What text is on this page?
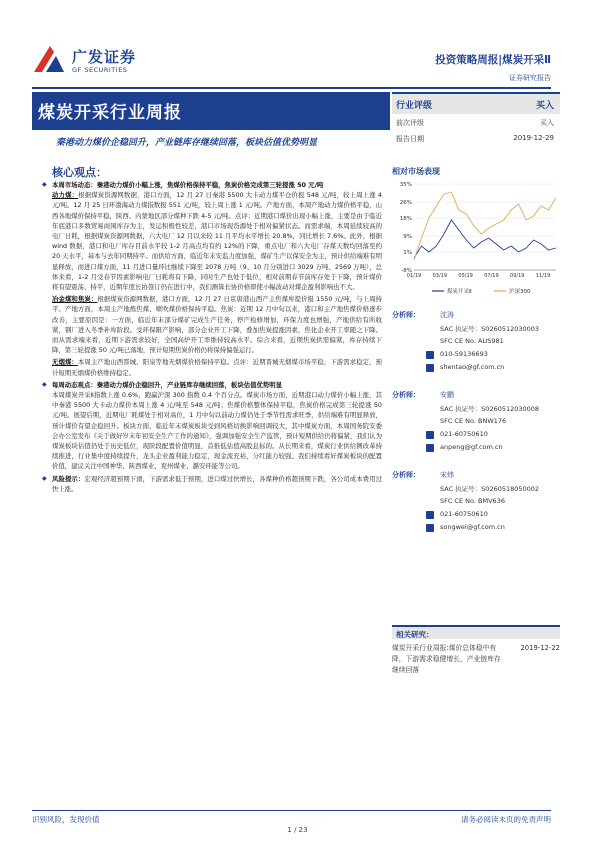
广发证券
GF SECURITIES
投资策略周报|煤炭开采Ⅱ
证券研究报告
煤炭开采行业周报
秦港动力煤价企稳回升，产业链库存继续回落，板块估值优势明显
行业评级	买入
前次评级	买入
报告日期	2019-12-29
核心观点：
◆ 本周市场动态：秦港动力煤价小幅上涨，焦煤价格保持平稳，焦炭价格完成第三轮提涨 50 元/吨
动力煤：根据煤炭资源网数据，港口方面，12 月 27 日秦港 5500 大卡动力煤平仓价报 548 元/吨，较上周上涨 4 元/吨。12 月 25 日环渤海动力煤指数报 551 元/吨，较上周上涨 1 元/吨。产地方面，本周产地动力煤价格平稳，山西各地煤价保持平稳，陕西、内蒙地区部分煤种下跌 4-5 元/吨。点评：近期港口煤价出现小幅上涨，主要是由于临近年底港口多数贸易商囤库存为主，发运积极性较差，港口市场现货源处于相对偏紧状态。而需求端，本周延续较高的电厂日耗，根据煤炭资源网数据，六大电厂 12 月以来较 11 月平均水平增长 20.8%，同比增长 7.6%。此外，根据 wind 数据，港口和电厂库存目前水平较 1-2 月高点均有约 12%的下降，重点电厂和六大电厂存煤天数均回落至约 20 天水平，基本与去年同期持平。而供给方面，临近年末安监力度加强，煤矿生产以保安全为主，预计供给端难有明显释放，而进口煤方面，11 月进口量环比继续下降至 2078 万吨（9、10 月分别进口 3029 万吨、2569 万吨），总体来看，1-2 月受春节因素影响电厂日耗将有下降，同时生产也处于低位，相对前期春节前库存处于下降，预计煤价将有望震荡、持平，近期年度长协签订仍在进行中，我们测算长协价格即使小幅波动对煤企盈利影响也不大。
冶金煤和焦炭：根据煤炭资源网数据，港口方面，12 月 27 日京唐港山西产主焦煤库提价报 1550 元/吨，与上周持平。产地方面，本周主产地炼焦煤、喷吹煤价格保持平稳。焦炭：近期 12 月中旬以来，港口和主产地焦煤价格逐步改善，主要原因是：一方面，临近年末部分煤矿完成生产任务，停产检修增加，环保力度也增强，产地供给有所收紧，钢厂进入冬季补库阶段。受环保限产影响，部分企业开工下降，叠加焦炭提涨因素，焦化企业开工率随之下降。而从需求端来看，近期下游需求较好，全国高炉开工率维持较高水平。综合来看，近期焦炭供需偏紧，库存持续下降，第三轮提涨 50 元/吨已落地，预计短期焦炭价格仍将保持偏强运行。
无烟煤：本周主产地山西晋城、阳泉等地无烟煤价格保持平稳。点评：近期晋城无烟煤市场平稳，下游需求稳定，预计短期无烟煤价格维持稳定。
◆ 每周动态观点：秦港动力煤价企稳回升，产业链库存继续回落，板块估值优势明显
本周煤炭开采Ⅱ指数上涨 0.6%，跑赢沪深 300 指数 0.4 个百分点。煤炭市场方面，近期港口动力煤价小幅上涨，其中秦港 5500 大卡动力煤价本周上涨 4 元/吨至 548 元/吨；焦煤价格整体保持平稳，焦炭价格完成第三轮提涨 50 元/吨。展望后期，近期电厂耗煤处于相对高位，1 月中旬以前动力煤仍处于季节性需求旺季，供给端难有明显释放，预计煤价有望企稳回升。板块方面，临近年末煤炭板块受到风格切换影响回调较大，其中煤炭方面，本周国务院安委会办公室发布《关于做好岁末年初安全生产工作的通知》，强调加强安全生产监管，预计短期供给仍将偏紧，我们认为煤炭板块估值仍处于历史低位，现阶段配置价值明显，首推低估值高股息标的。从长期来看，煤炭行业供给侧改革持续推进，行业集中度持续提升，龙头企业盈利能力稳定，现金流充裕，分红能力较强。我们持续看好煤炭板块的配置价值，建议关注中国神华、陕西煤业、兖州煤业、潞安环能等公司。
◆ 风险提示：宏观经济超预期下滑，下游需求低于预期，进口煤过快增长，各煤种价格超预期下跌，各公司成本费用过快上涨。
相对市场表现
35%
26%
18%
9%
1%
-8%
01/19 03/19 05/19 07/19 09/19 11/19
煤炭开采Ⅱ	沪深300
分析师：	沈涛
SAC 执证号：S0260512030003
SFC CE No. AUS981
010-59136693
shentao@gf.com.cn
分析师：	安鹏
SAC 执证号：S0260512030008
SFC CE No. BNW176
021-60750610
anpeng@gf.com.cn
分析师：	宋炜
SAC 执证号：S0260518050002
SFC CE No. BMV636
021-60750610
songwei@gf.com.cn
相关研究：
2019-12-22
煤炭开采行业周报:煤价总体稳中有降，下游需求稳健增长，产业链库存继续回落
识别风险，发现价值	请务必阅读末页的免责声明
1 / 23
